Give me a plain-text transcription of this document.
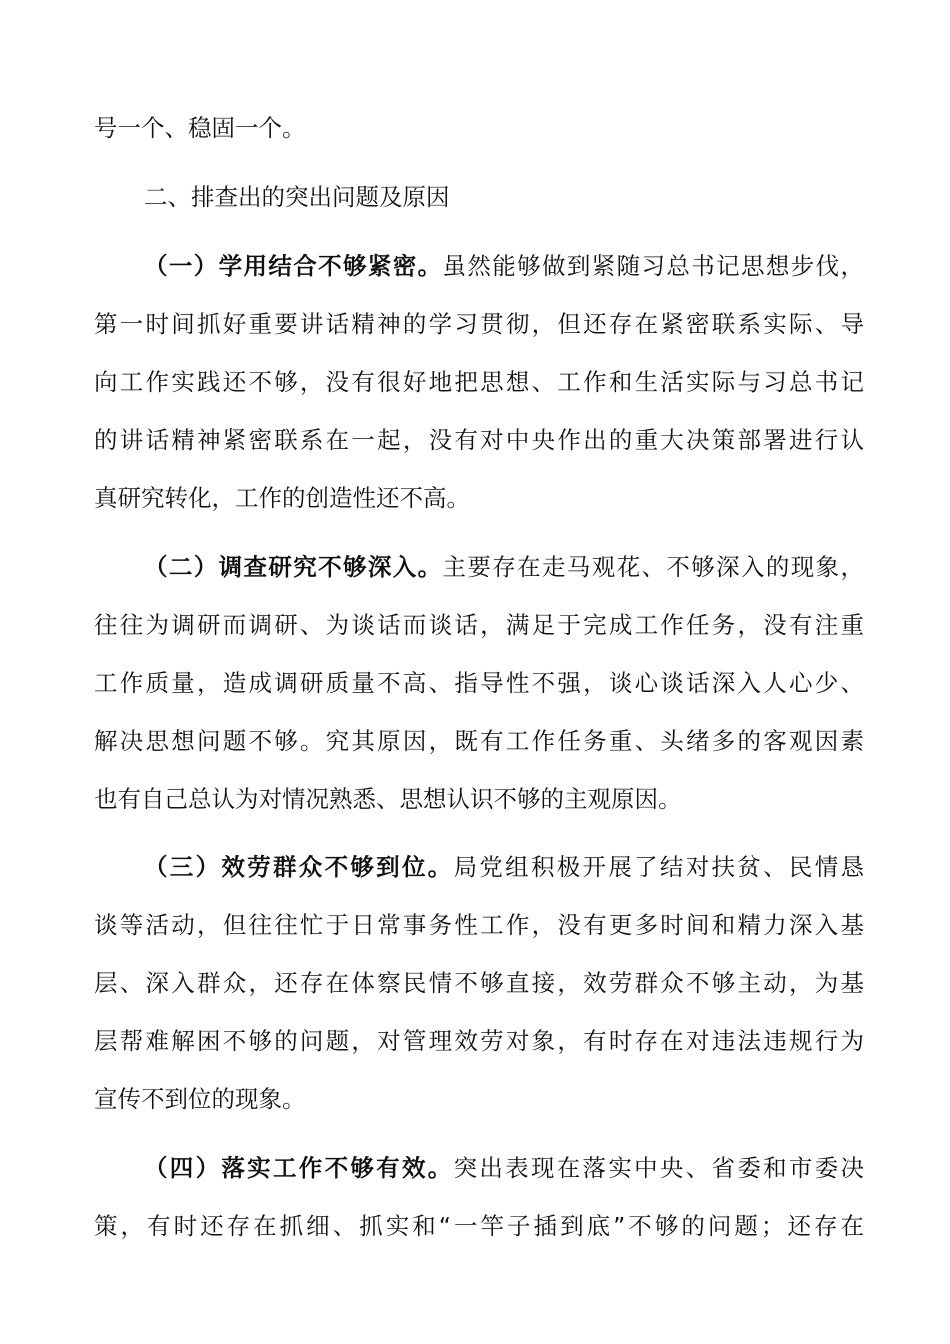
号一个、稳固一个。
二、排查出的突出问题及原因
（一）学用结合不够紧密。虽然能够做到紧随习总书记思想步伐，
第一时间抓好重要讲话精神的学习贯彻，但还存在紧密联系实际、导
向工作实践还不够，没有很好地把思想、工作和生活实际与习总书记
的讲话精神紧密联系在一起，没有对中央作出的重大决策部署进行认
真研究转化，工作的创造性还不高。
（二）调查研究不够深入。主要存在走马观花、不够深入的现象，
往往为调研而调研、为谈话而谈话，满足于完成工作任务，没有注重
工作质量，造成调研质量不高、指导性不强，谈心谈话深入人心少、
解决思想问题不够。究其原因，既有工作任务重、头绪多的客观因素
也有自己总认为对情况熟悉、思想认识不够的主观原因。
（三）效劳群众不够到位。局党组积极开展了结对扶贫、民情恳
谈等活动，但往往忙于日常事务性工作，没有更多时间和精力深入基
层、深入群众，还存在体察民情不够直接，效劳群众不够主动，为基
层帮难解困不够的问题，对管理效劳对象，有时存在对违法违规行为
宣传不到位的现象。
（四）落实工作不够有效。突出表现在落实中央、省委和市委决
策，有时还存在抓细、抓实和“一竿子插到底”不够的问题；还存在
